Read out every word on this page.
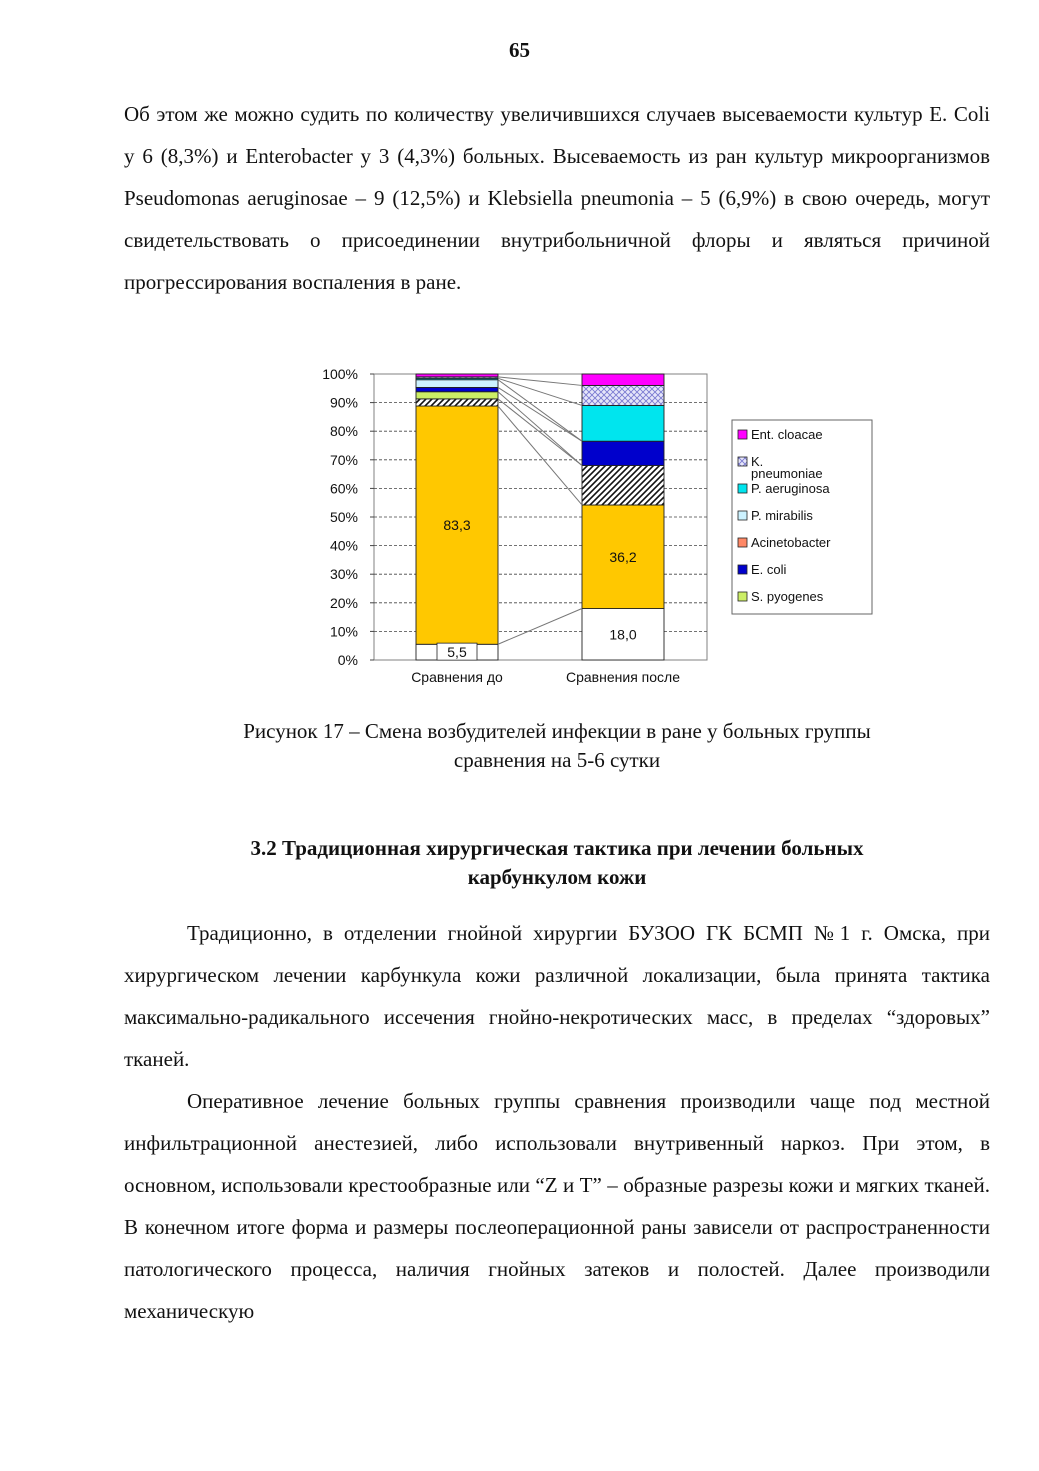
65

Об этом же можно судить по количеству увеличившихся случаев высеваемости культур E. Coli у 6 (8,3%) и Enterobacter у 3 (4,3%) больных. Высеваемость из ран культур микроорганизмов Pseudomonas aeruginosae – 9 (12,5%) и Klebsiella pneumonia – 5 (6,9%) в свою очередь, могут свидетельствовать о присоединении внутрибольничной флоры и являться причиной прогрессирования воспаления в ране.

0%
10%
20%
30%
40%
50%
60%
70%
80%
90%
100%
5,5
83,3
18,0
36,2
Сравнения до	Сравнения после
Ent. cloacae
K. pneumoniae
P. aeruginosa
P. mirabilis
Acinetobacter
E. coli
S. pyogenes
Рисунок 17 – Смена возбудителей инфекции в ране у больных группы
сравнения на 5-6 сутки
3.2 Традиционная хирургическая тактика при лечении больных
карбункулом кожи

Традиционно, в отделении гнойной хирургии БУЗОО ГК БСМП №1 г. Омска, при хирургическом лечении карбункула кожи различной локализации, была принята тактика максимально-радикального иссечения гнойно-некротических масс, в пределах “здоровых” тканей.

Оперативное лечение больных группы сравнения производили чаще под местной инфильтрационной анестезией, либо использовали внутривенный наркоз. При этом, в основном, использовали крестообразные или “Z и T” – образные разрезы кожи и мягких тканей. В конечном итоге форма и размеры послеоперационной раны зависели от распространенности патологического процесса, наличия гнойных затеков и полостей. Далее производили механическую
